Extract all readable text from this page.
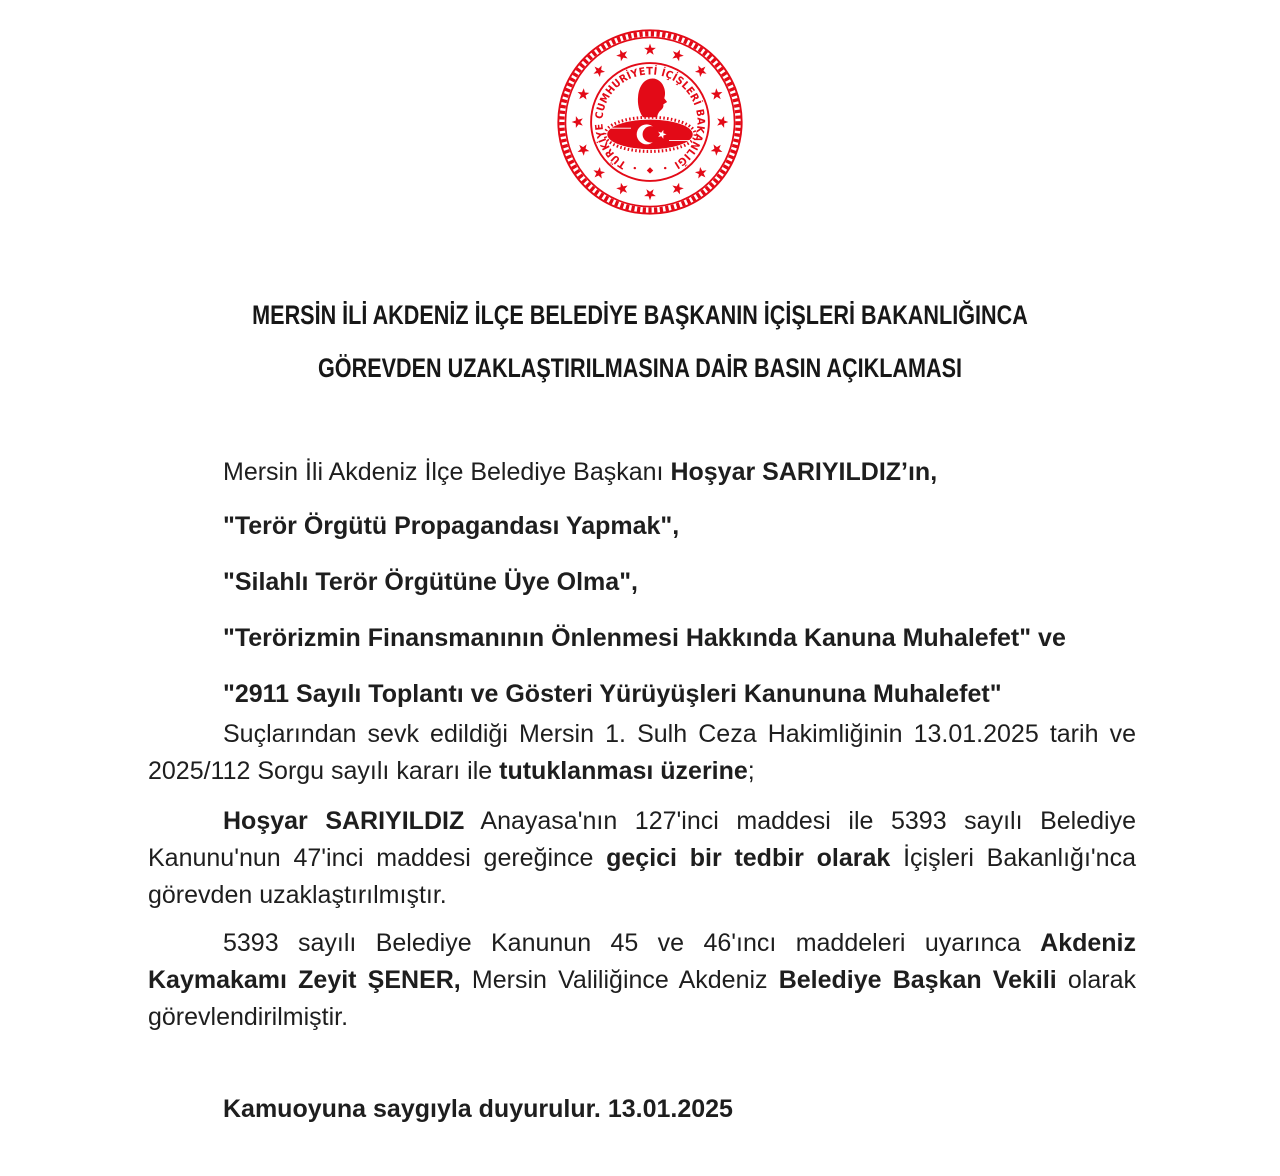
TÜRKİYE CUMHURİYETİ İÇİŞLERİ BAKANLIĞI
MERSİN İLİ AKDENİZ İLÇE BELEDİYE BAŞKANIN İÇİŞLERİ BAKANLIĞINCA
GÖREVDEN UZAKLAŞTIRILMASINA DAİR BASIN AÇIKLAMASI
Mersin İli Akdeniz İlçe Belediye Başkanı Hoşyar SARIYILDIZ’ın,
"Terör Örgütü Propagandası Yapmak",
"Silahlı Terör Örgütüne Üye Olma",
"Terörizmin Finansmanının Önlenmesi Hakkında Kanuna Muhalefet" ve
"2911 Sayılı Toplantı ve Gösteri Yürüyüşleri Kanununa Muhalefet"
Suçlarından sevk edildiği Mersin 1. Sulh Ceza Hakimliğinin 13.01.2025 tarih ve
2025/112 Sorgu sayılı kararı ile tutuklanması üzerine;
Hoşyar SARIYILDIZ Anayasa'nın 127'inci maddesi ile 5393 sayılı Belediye
Kanunu'nun 47'inci maddesi gereğince geçici bir tedbir olarak İçişleri Bakanlığı'nca
görevden uzaklaştırılmıştır.
5393 sayılı Belediye Kanunun 45 ve 46'ıncı maddeleri uyarınca Akdeniz
Kaymakamı Zeyit ŞENER, Mersin Valiliğince Akdeniz Belediye Başkan Vekili olarak
görevlendirilmiştir.
Kamuoyuna saygıyla duyurulur. 13.01.2025
